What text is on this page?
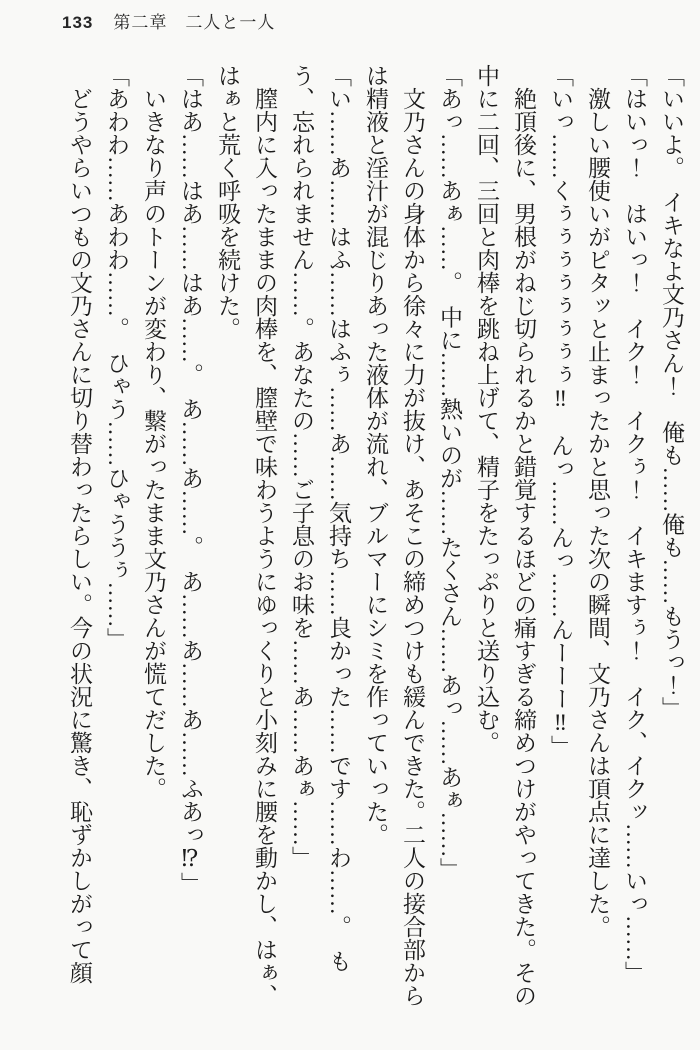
133 第二章　二人と一人

「いいよ。　イキなよ文乃さん！　俺も……俺も……もうっ！」

「はいっ！　はいっ！　イク！　イクぅ！　イキますぅ！　イク、イクッ……いっ……」

激しい腰使いがピタッと止まったかと思った次の瞬間、文乃さんは頂点に達した。

「いっ……くぅぅぅぅぅぅぅぅ‼　んっ……んっ……んーーー‼」

絶頂後に、男根がねじ切られるかと錯覚するほどの痛すぎる締めつけがやってきた。その中に二回、三回と肉棒を跳ね上げて、精子をたっぷりと送り込む。

「あっ……あぁ……。　中に……熱いのが……たくさん……あっ……あぁ……」

文乃さんの身体から徐々に力が抜け、あそこの締めつけも緩んできた。二人の接合部からは精液と淫汁が混じりあった液体が流れ、ブルマーにシミを作っていった。

「い……あ……はふ……はふぅ……あ……気持ち……良かった……です……わ……。　もう、忘れられません……。あなたの……ご子息のお味を……あ……あぁ……」

膣内に入ったままの肉棒を、膣壁で味わうようにゆっくりと小刻みに腰を動かし、はぁ、はぁと荒く呼吸を続けた。

「はあ……はあ……はあ……。　あ……あ……。　あ……あ……あ……ふあっ⁉」

いきなり声のトーンが変わり、繋がったまま文乃さんが慌てだした。

「あわわ……あわわ……。　ひゃう……ひゃううぅ……」

どうやらいつもの文乃さんに切り替わったらしい。今の状況に驚き、恥ずかしがって顔
